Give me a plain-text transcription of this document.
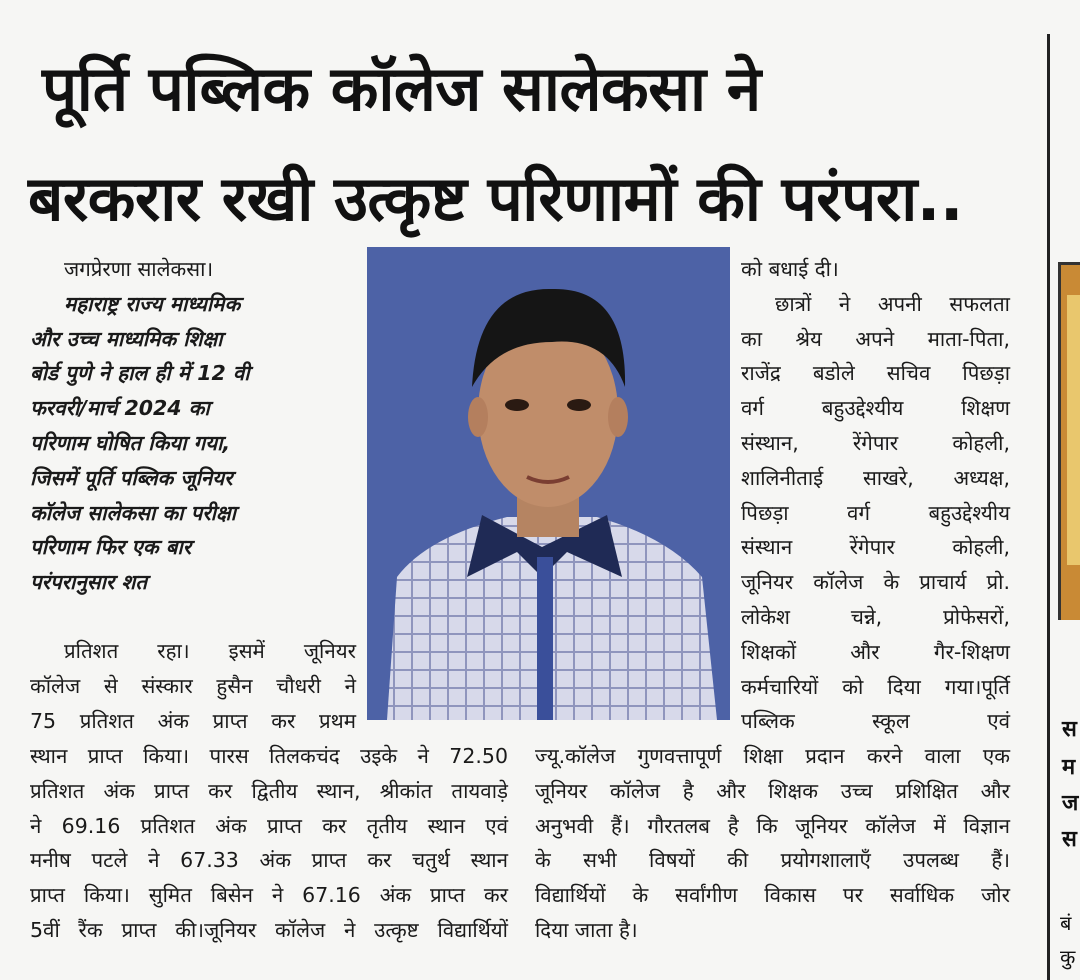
पूर्ति पब्लिक कॉलेज सालेकसा ने
बरकरार रखी उत्कृष्ट परिणामों की परंपरा..

जगप्रेरणा सालेकसा।

महाराष्ट्र राज्य माध्यमिक

और उच्च माध्यमिक शिक्षा

बोर्ड पुणे ने हाल ही में 12 वी

फरवरी/मार्च 2024 का

परिणाम घोषित किया गया,

जिसमें पूर्ति पब्लिक जूनियर

कॉलेज सालेकसा का परीक्षा

परिणाम फिर एक बार

परंपरानुसार शत

प्रतिशत रहा। इसमें जूनियर

कॉलेज से संस्कार हुसैन चौधरी ने

75 प्रतिशत अंक प्राप्त कर प्रथम

स्थान प्राप्त किया। पारस तिलकचंद उइके ने 72.50

प्रतिशत अंक प्राप्त कर द्वितीय स्थान, श्रीकांत तायवाड़े

ने 69.16 प्रतिशत अंक प्राप्त कर तृतीय स्थान एवं

मनीष पटले ने 67.33 अंक प्राप्त कर चतुर्थ स्थान

प्राप्त किया। सुमित बिसेन ने 67.16 अंक प्राप्त कर

5वीं रैंक प्राप्त की।जूनियर कॉलेज ने उत्कृष्ट विद्यार्थियों

को बधाई दी।

छात्रों ने अपनी सफलता

का श्रेय अपने माता-पिता,

राजेंद्र बडोले सचिव पिछड़ा

वर्ग बहुउद्देश्यीय शिक्षण

संस्थान, रेंगेपार कोहली,

शालिनीताई साखरे, अध्यक्ष,

पिछड़ा वर्ग बहुउद्देश्यीय

संस्थान रेंगेपार कोहली,

जूनियर कॉलेज के प्राचार्य प्रो.

लोकेश चन्ने, प्रोफेसरों,

शिक्षकों और गैर-शिक्षण

कर्मचारियों को दिया गया।पूर्ति

पब्लिक स्कूल एवं

ज्यू.कॉलेज गुणवत्तापूर्ण शिक्षा प्रदान करने वाला एक

जूनियर कॉलेज है और शिक्षक उच्च प्रशिक्षित और

अनुभवी हैं। गौरतलब है कि जूनियर कॉलेज में विज्ञान

के सभी विषयों की प्रयोगशालाएँ उपलब्ध हैं।

विद्यार्थियों के सर्वांगीण विकास पर सर्वाधिक जोर

दिया जाता है।

स
म
ज
स
बं
कु
